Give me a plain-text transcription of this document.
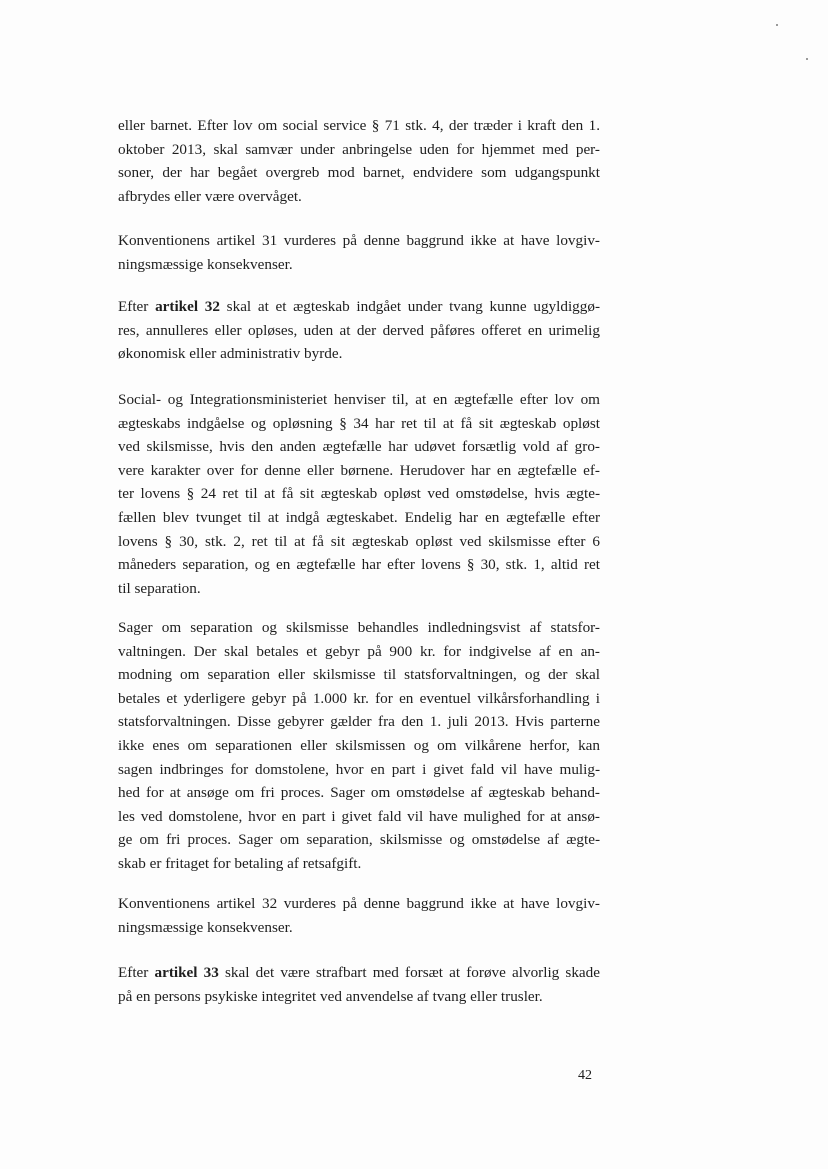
eller barnet. Efter lov om social service § 71 stk. 4, der træder i kraft den 1.
oktober 2013, skal samvær under anbringelse uden for hjemmet med per-
soner, der har begået overgreb mod barnet, endvidere som udgangspunkt
afbrydes eller være overvåget.
Konventionens artikel 31 vurderes på denne baggrund ikke at have lovgiv-
ningsmæssige konsekvenser.
Efter artikel 32 skal at et ægteskab indgået under tvang kunne ugyldiggø-
res, annulleres eller opløses, uden at der derved påføres offeret en urimelig
økonomisk eller administrativ byrde.
Social- og Integrationsministeriet henviser til, at en ægtefælle efter lov om
ægteskabs indgåelse og opløsning § 34 har ret til at få sit ægteskab opløst
ved skilsmisse, hvis den anden ægtefælle har udøvet forsætlig vold af gro-
vere karakter over for denne eller børnene. Herudover har en ægtefælle ef-
ter lovens § 24 ret til at få sit ægteskab opløst ved omstødelse, hvis ægte-
fællen blev tvunget til at indgå ægteskabet. Endelig har en ægtefælle efter
lovens § 30, stk. 2, ret til at få sit ægteskab opløst ved skilsmisse efter 6
måneders separation, og en ægtefælle har efter lovens § 30, stk. 1, altid ret
til separation.
Sager om separation og skilsmisse behandles indledningsvist af statsfor-
valtningen. Der skal betales et gebyr på 900 kr. for indgivelse af en an-
modning om separation eller skilsmisse til statsforvaltningen, og der skal
betales et yderligere gebyr på 1.000 kr. for en eventuel vilkårsforhandling i
statsforvaltningen. Disse gebyrer gælder fra den 1. juli 2013. Hvis parterne
ikke enes om separationen eller skilsmissen og om vilkårene herfor, kan
sagen indbringes for domstolene, hvor en part i givet fald vil have mulig-
hed for at ansøge om fri proces. Sager om omstødelse af ægteskab behand-
les ved domstolene, hvor en part i givet fald vil have mulighed for at ansø-
ge om fri proces. Sager om separation, skilsmisse og omstødelse af ægte-
skab er fritaget for betaling af retsafgift.
Konventionens artikel 32 vurderes på denne baggrund ikke at have lovgiv-
ningsmæssige konsekvenser.
Efter artikel 33 skal det være strafbart med forsæt at forøve alvorlig skade
på en persons psykiske integritet ved anvendelse af tvang eller trusler.
42
